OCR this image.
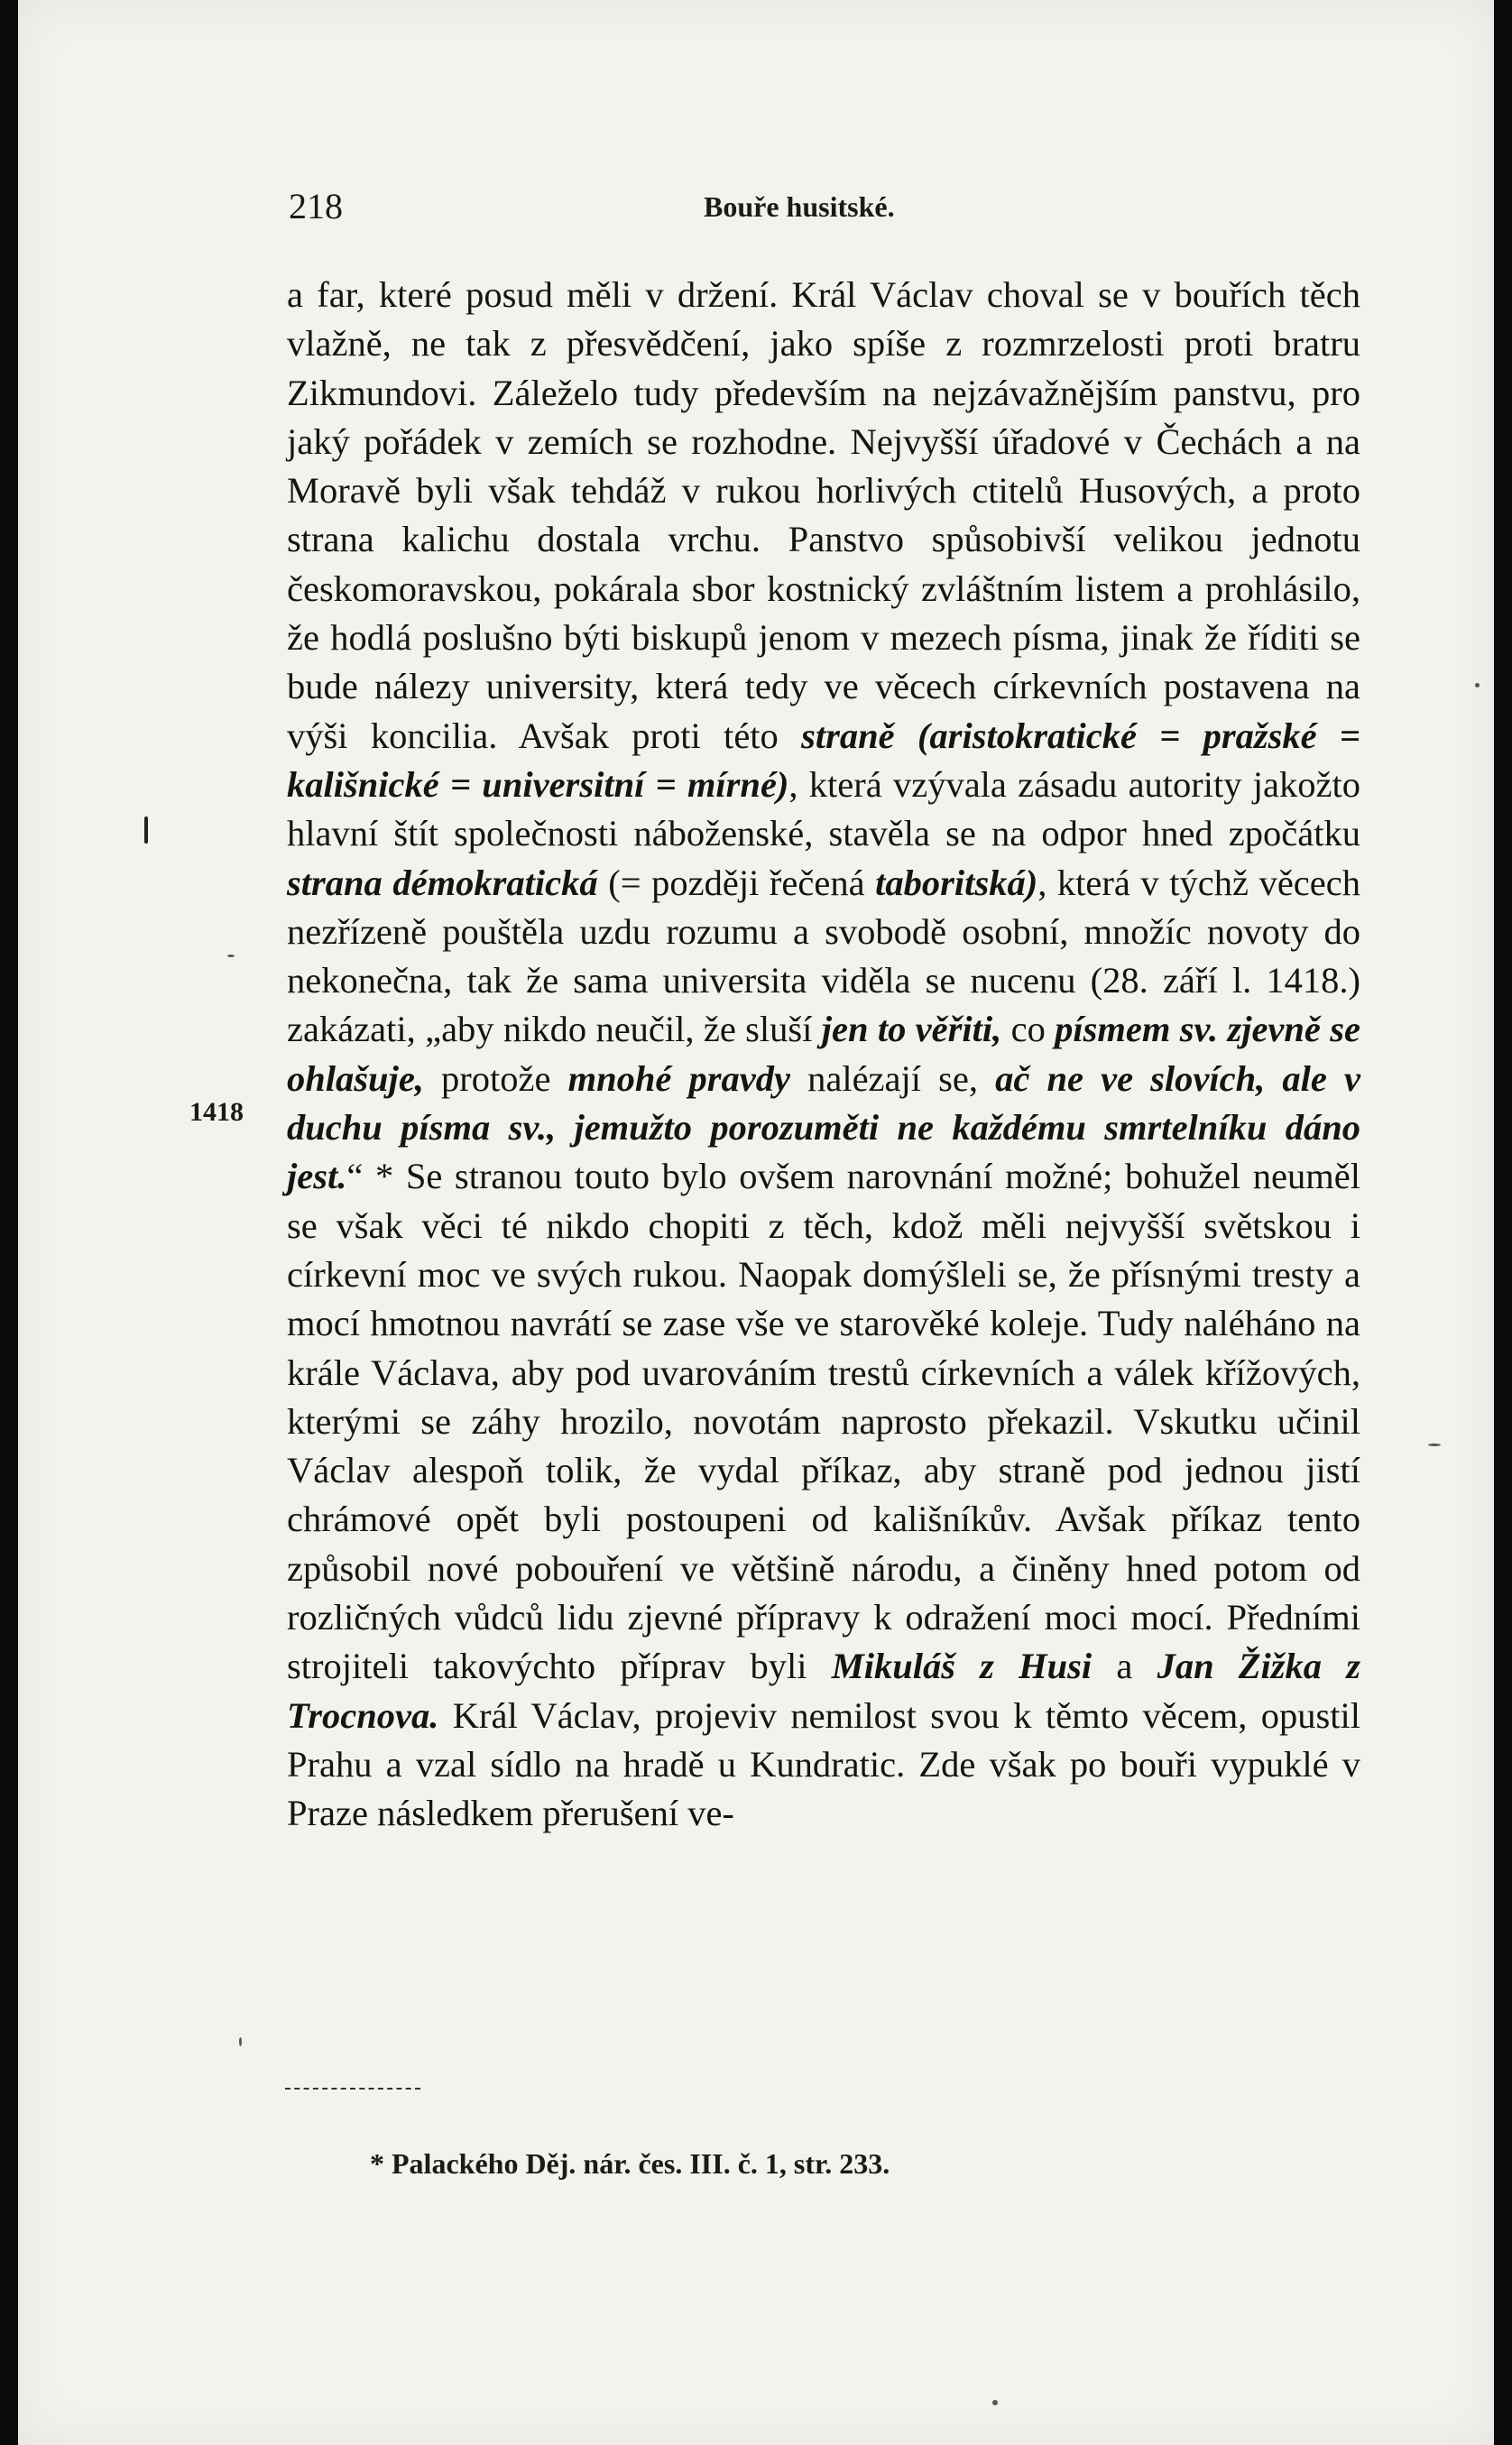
218	Bouře husitské.
1418

a far, které posud měli v držení. Král Václav choval se v bouřích těch vlažně, ne tak z přesvědčení, jako spíše z rozmrzelosti proti bratru Zikmundovi. Záleželo tudy především na nejzávažnějším panstvu, pro jaký pořádek v zemích se rozhodne. Nejvyšší úřadové v Čechách a na Moravě byli však tehdáž v rukou horlivých ctitelů Husových, a proto strana kalichu dostala vrchu. Panstvo spůsobivší velikou jednotu českomoravskou, pokárala sbor kostnický zvláštním listem a prohlásilo, že hodlá poslušno býti biskupů jenom v mezech písma, jinak že říditi se bude nálezy university, která tedy ve věcech církevních postavena na výši koncilia. Avšak proti této straně (aristokratické = pražské = kališnické = universitní = mírné), která vzývala zásadu autority jakožto hlavní štít společnosti náboženské, stavěla se na odpor hned zpočátku strana démokratická (= později řečená taboritská), která v týchž věcech nezřízeně pouštěla uzdu rozumu a svobodě osobní, množíc novoty do nekonečna, tak že sama universita viděla se nucenu (28. září l. 1418.) zakázati, „aby nikdo neučil, že sluší jen to věřiti, co písmem sv. zjevně se ohlašuje, protože mnohé pravdy nalézají se, ač ne ve slovích, ale v duchu písma sv., jemužto porozuměti ne každému smrtelníku dáno jest.“ * Se stranou touto bylo ovšem narovnání možné; bohužel neuměl se však věci té nikdo chopiti z těch, kdož měli nejvyšší světskou i církevní moc ve svých rukou. Naopak domýšleli se, že přísnými tresty a mocí hmotnou navrátí se zase vše ve starověké koleje. Tudy naléháno na krále Václava, aby pod uvarováním trestů církevních a válek křížových, kterými se záhy hrozilo, novotám naprosto překazil. Vskutku učinil Václav alespoň tolik, že vydal příkaz, aby straně pod jednou jistí chrámové opět byli postoupeni od kališníkův. Avšak příkaz tento způsobil nové pobouření ve většině národu, a činěny hned potom od rozličných vůdců lidu zjevné přípravy k odražení moci mocí. Předními strojiteli takovýchto příprav byli Mikuláš z Husi a Jan Žižka z Trocnova. Král Václav, projeviv nemilost svou k těmto věcem, opustil Prahu a vzal sídlo na hradě u Kundratic. Zde však po bouři vypuklé v Praze následkem přerušení ve-

* Palackého Děj. nár. čes. III. č. 1, str. 233.
